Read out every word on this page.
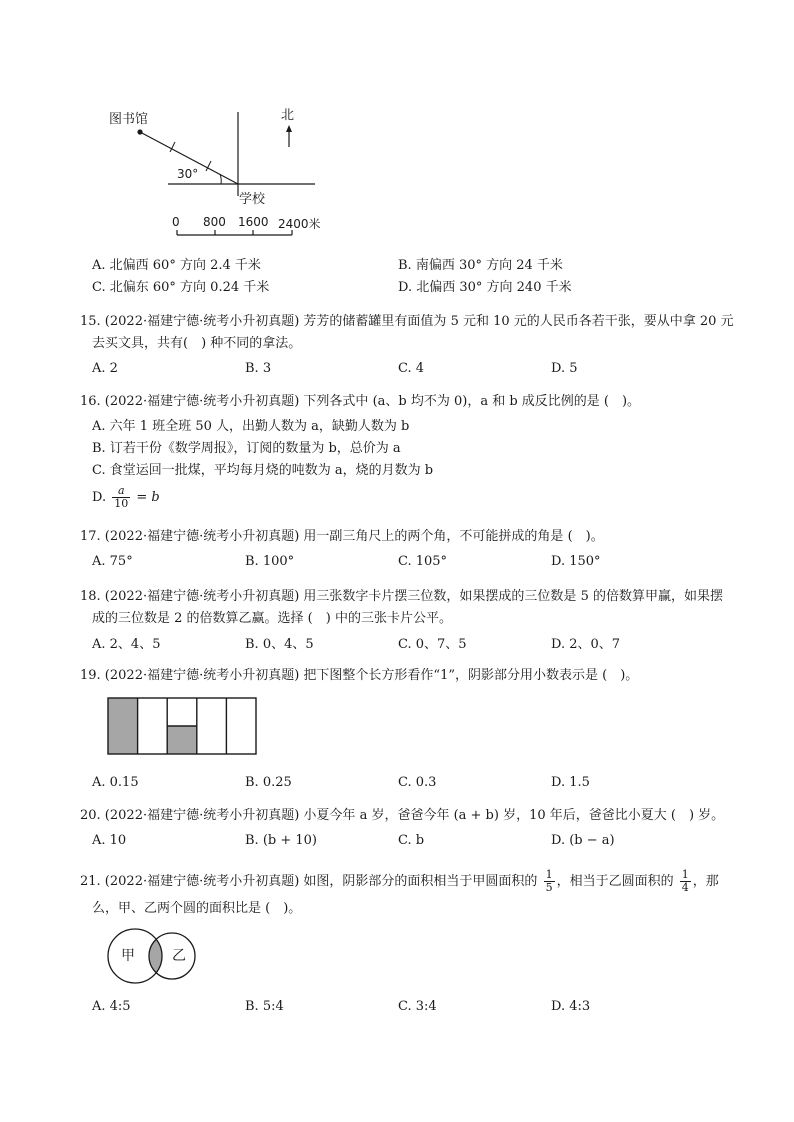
图书馆	北
30°
学校
0 800 1600 2400米
A. 北偏西 60° 方向 2.4 千米	B. 南偏西 30° 方向 24 千米
C. 北偏东 60° 方向 0.24 千米	D. 北偏西 30° 方向 240 千米
15. (2022·福建宁德·统考小升初真题) 芳芳的储蓄罐里有面值为 5 元和 10 元的人民币各若干张，要从中拿 20 元
去买文具，共有(　) 种不同的拿法。
A. 2	B. 3	C. 4	D. 5
16. (2022·福建宁德·统考小升初真题) 下列各式中 (a、b 均不为 0)，a 和 b 成反比例的是 (　)。
A. 六年 1 班全班 50 人，出勤人数为 a，缺勤人数为 b
B. 订若干份《数学周报》，订阅的数量为 b，总价为 a
C. 食堂运回一批煤，平均每月烧的吨数为 a，烧的月数为 b
D. $\frac{a}{10} = b$
17. (2022·福建宁德·统考小升初真题) 用一副三角尺上的两个角，不可能拼成的角是 (　)。
A. 75°	B. 100°	C. 105°	D. 150°
18. (2022·福建宁德·统考小升初真题) 用三张数字卡片摆三位数，如果摆成的三位数是 5 的倍数算甲赢，如果摆
成的三位数是 2 的倍数算乙赢。选择 (　) 中的三张卡片公平。
A. 2、4、5	B. 0、4、5	C. 0、7、5	D. 2、0、7
19. (2022·福建宁德·统考小升初真题) 把下图整个长方形看作“1”，阴影部分用小数表示是 (　)。
A. 0.15	B. 0.25	C. 0.3	D. 1.5
20. (2022·福建宁德·统考小升初真题) 小夏今年 a 岁，爸爸今年 (a + b) 岁，10 年后，爸爸比小夏大 (　) 岁。
A. 10	B. (b + 10)	C. b	D. (b − a)
21. (2022·福建宁德·统考小升初真题) 如图，阴影部分的面积相当于甲圆面积的 $\frac{1}{5}$ ，相当于乙圆面积的 $\frac{1}{4}$ ，那
么，甲、乙两个圆的面积比是 (　)。
甲	乙
A. 4:5	B. 5:4	C. 3:4	D. 4:3
